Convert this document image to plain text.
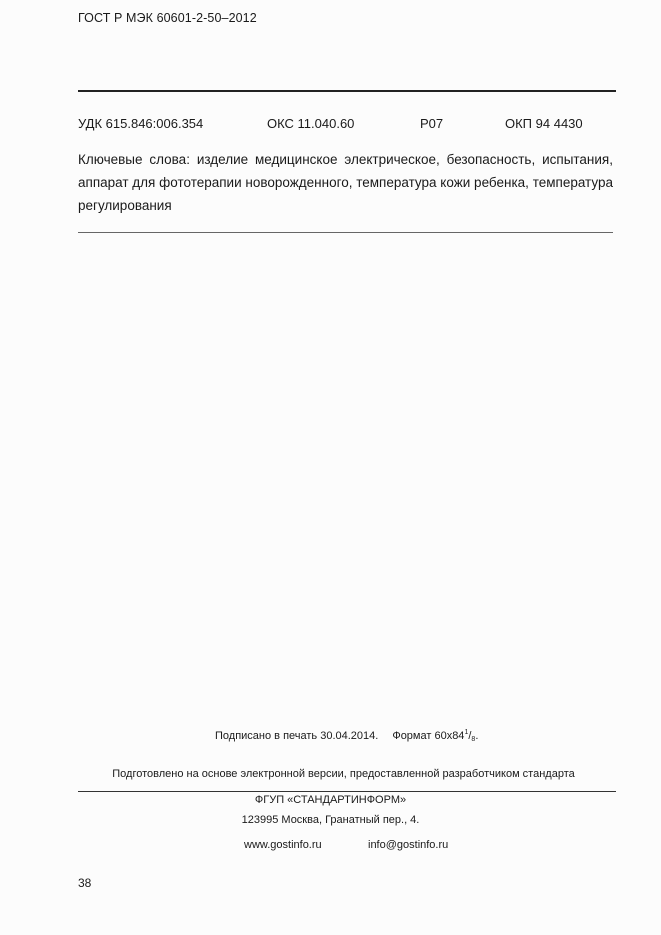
ГОСТ Р МЭК 60601-2-50–2012
УДК 615.846:006.354	ОКС 11.040.60	Р07	ОКП 94 4430
Ключевые слова: изделие медицинское электрическое, безопасность, испытания,
аппарат для фототерапии новорожденного, температура кожи ребенка, температура
регулирования
Подписано в печать 30.04.2014. Формат $60х84^1/8$.
Подготовлено на основе электронной версии, предоставленной разработчиком стандарта
ФГУП «СТАНДАРТИНФОРМ»
123995 Москва, Гранатный пер., 4.
www.gostinfo.ru	info@gostinfo.ru
38
